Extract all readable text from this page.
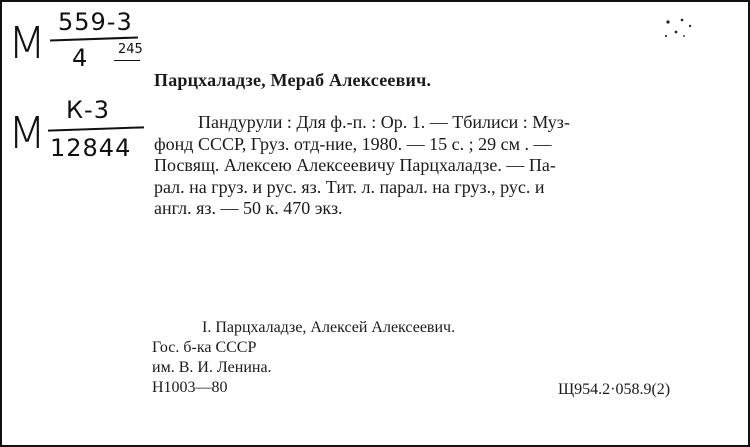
М 559-3
4 245
М К-3
12844
Парцхаладзе, Мераб Алексеевич.
Пандурули : Для ф.-п. : Ор. 1. — Тбилиси : Муз-
фонд СССР, Груз. отд-ние, 1980. — 15 с. ; 29 см . —
Посвящ. Алексею Алексеевичу Парцхаладзе. — Па-
рал. на груз. и рус. яз. Тит. л. парал. на груз., рус. и
англ. яз. — 50 к. 470 экз.
I. Парцхаладзе, Алексей Алексеевич.
Гос. б-ка СССР
им. В. И. Ленина.
Н1003—80	Щ954.2·058.9(2)
